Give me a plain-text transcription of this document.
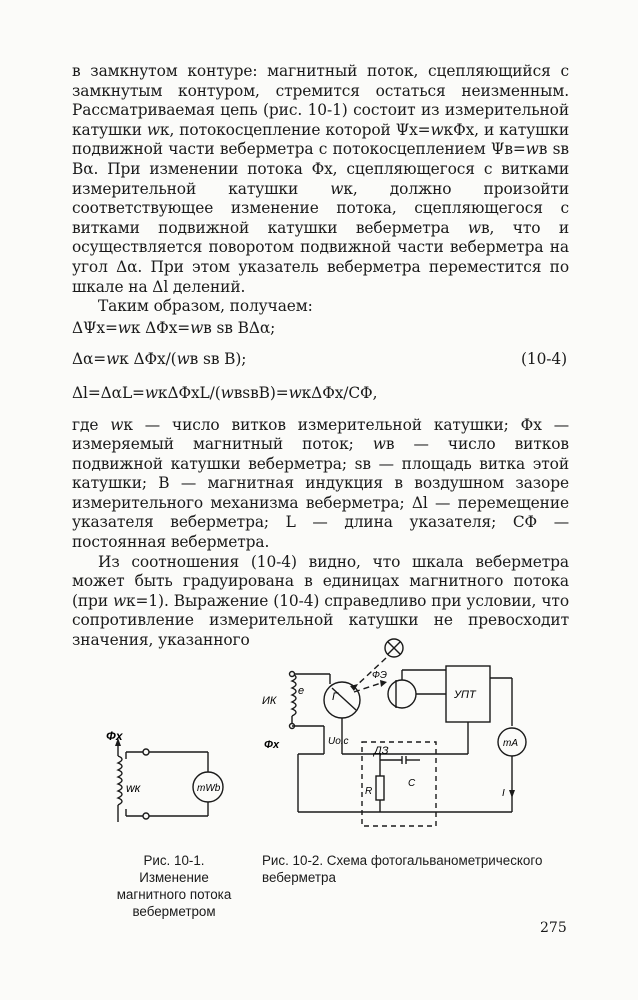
в замкнутом контуре: магнитный поток, сцепляющийся с замкнутым контуром, стремится остаться неизменным. Рассматриваемая цепь (рис. 10-1) состоит из измерительной катушки 𝑤к, потокосцепление которой Ψx=𝑤кΦx, и катушки подвижной части веберметра с потокосцеплением Ψв=𝑤в sв Bα. При изменении потока Φx, сцепляющегося с витками измерительной катушки 𝑤к, должно произойти соответствующее изменение потока, сцепляющегося с витками подвижной катушки веберметра 𝑤в, что и осуществляется поворотом подвижной части веберметра на угол Δα. При этом указатель веберметра переместится по шкале на Δl делений.

Таким образом, получаем:

ΔΨx=𝑤к ΔΦx=𝑤в sв BΔα;
Δα=𝑤к ΔΦx/(𝑤в sв B);	(10-4)
Δl=ΔαL=𝑤кΔΦxL/(𝑤вsвB)=𝑤кΔΦx/CΦ,

где 𝑤к — число витков измерительной катушки; Φx — измеряемый магнитный поток; 𝑤в — число витков подвижной катушки веберметра; sв — площадь витка этой катушки; B — магнитная индукция в воздушном зазоре измерительного механизма веберметра; Δl — перемещение указателя веберметра; L — длина указателя; CΦ — постоянная веберметра.

Из соотношения (10-4) видно, что шкала веберметра может быть градуирована в единицах магнитного потока (при 𝑤к=1). Выражение (10-4) справедливо при условии, что сопротивление измерительной катушки не превосходит значения, указанного

Φx
wк	mWb
ИК
e
Φx	Uо.с
Г
ФЭ
УПТ
mA
ДЗ
R
C
I
Рис. 10-1. Изменение магнитного потока веберметром
Рис. 10-2. Схема фотогальванометрического веберметра
275
